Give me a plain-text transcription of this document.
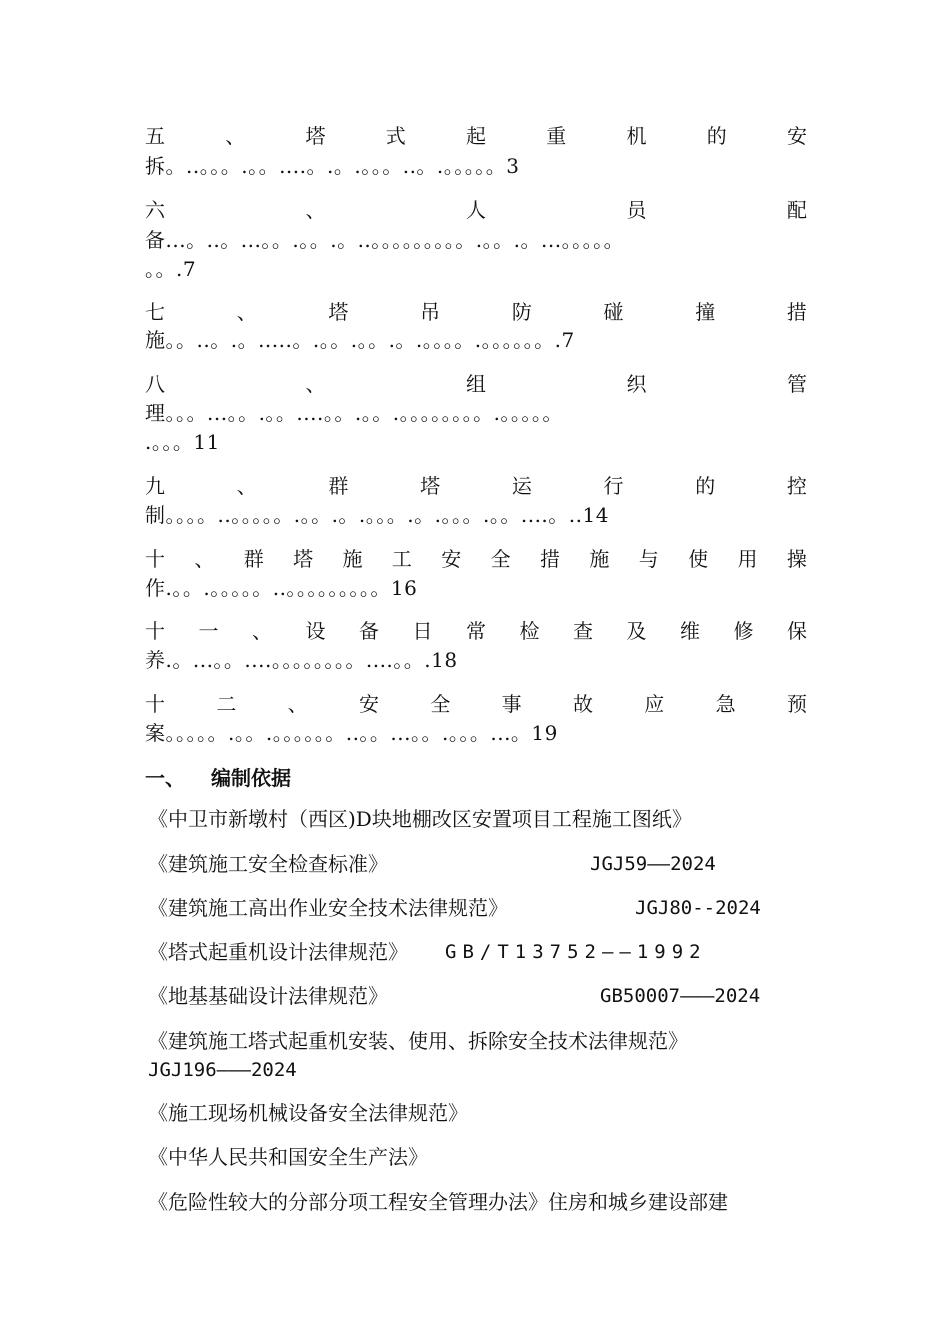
五	、	塔	式	起	重	机	的	安
拆。..。。。.。。....。.。.。。。..。.。。。。。3
六	、	人	员	配
备...。..。...。。.。。.。..。。。。。。。。。.。。.。...。。。。。
。。.7
七	、	塔	吊	防	碰	撞	措
施。。..。.。.....。.。。.。。.。.。。。。.。。。。。。.7
八	、	组	织	管
理。。。...。。.。。....。。.。。.。。。。。。。。.。。。。。
.。。。11
九	、	群	塔	运	行	的	控
制。。。。..。。。。。.。。.。.。。。.。.。。。.。。....。..14
十 、 群 塔 施 工 安 全 措 施 与 使 用 操
作.。。.。。。。。..。。。。。。。。。16
十 一 、 设 备 日 常 检 查 及 维 修 保
养.。...。。....。。。。。。。。....。。.18
十	二	、	安	全	事	故	应	急	预
案。。。。。.。。.。。。。。。..。。...。。.。。。...。19
一、 编制依据
《中卫市新墩村（西区)D块地棚改区安置项目工程施工图纸》
《建筑施工安全检查标准》	JGJ59——2024
《建筑施工高出作业安全技术法律规范》	JGJ80--2024
《塔式起重机设计法律规范》 GB/T13752——1992
《地基基础设计法律规范》	GB50007———2024
《建筑施工塔式起重机安装、使用、拆除安全技术法律规范》
JGJ196———2024
《施工现场机械设备安全法律规范》
《中华人民共和国安全生产法》
《危险性较大的分部分项工程安全管理办法》住房和城乡建设部建
